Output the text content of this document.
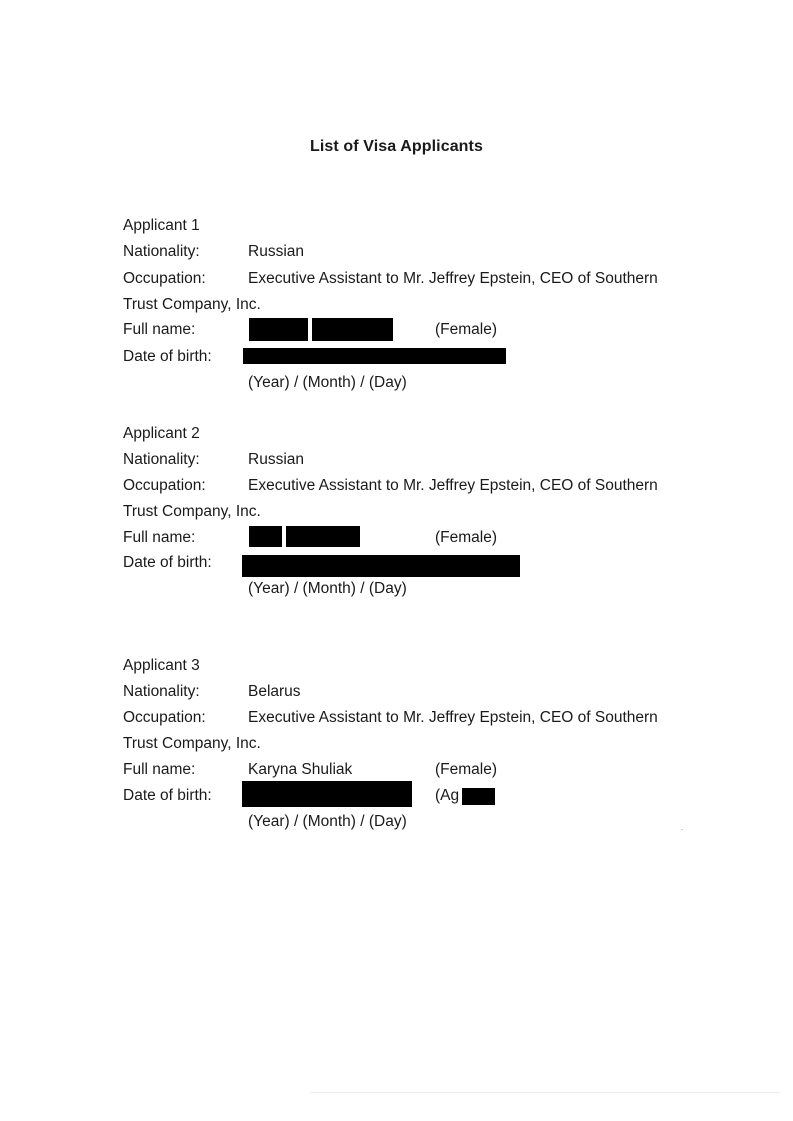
List of Visa Applicants
Applicant 1
Nationality:	Russian
Occupation:	Executive Assistant to Mr. Jeffrey Epstein, CEO of Southern
Trust Company, Inc.
Full name:	(Female)
Date of birth:
(Year) / (Month) / (Day)
Applicant 2
Nationality:	Russian
Occupation:	Executive Assistant to Mr. Jeffrey Epstein, CEO of Southern
Trust Company, Inc.
Full name:	(Female)
Date of birth:
(Year) / (Month) / (Day)
Applicant 3
Nationality:	Belarus
Occupation:	Executive Assistant to Mr. Jeffrey Epstein, CEO of Southern
Trust Company, Inc.
Full name:	Karyna Shuliak	(Female)
Date of birth:	(Ag
(Year) / (Month) / (Day)
